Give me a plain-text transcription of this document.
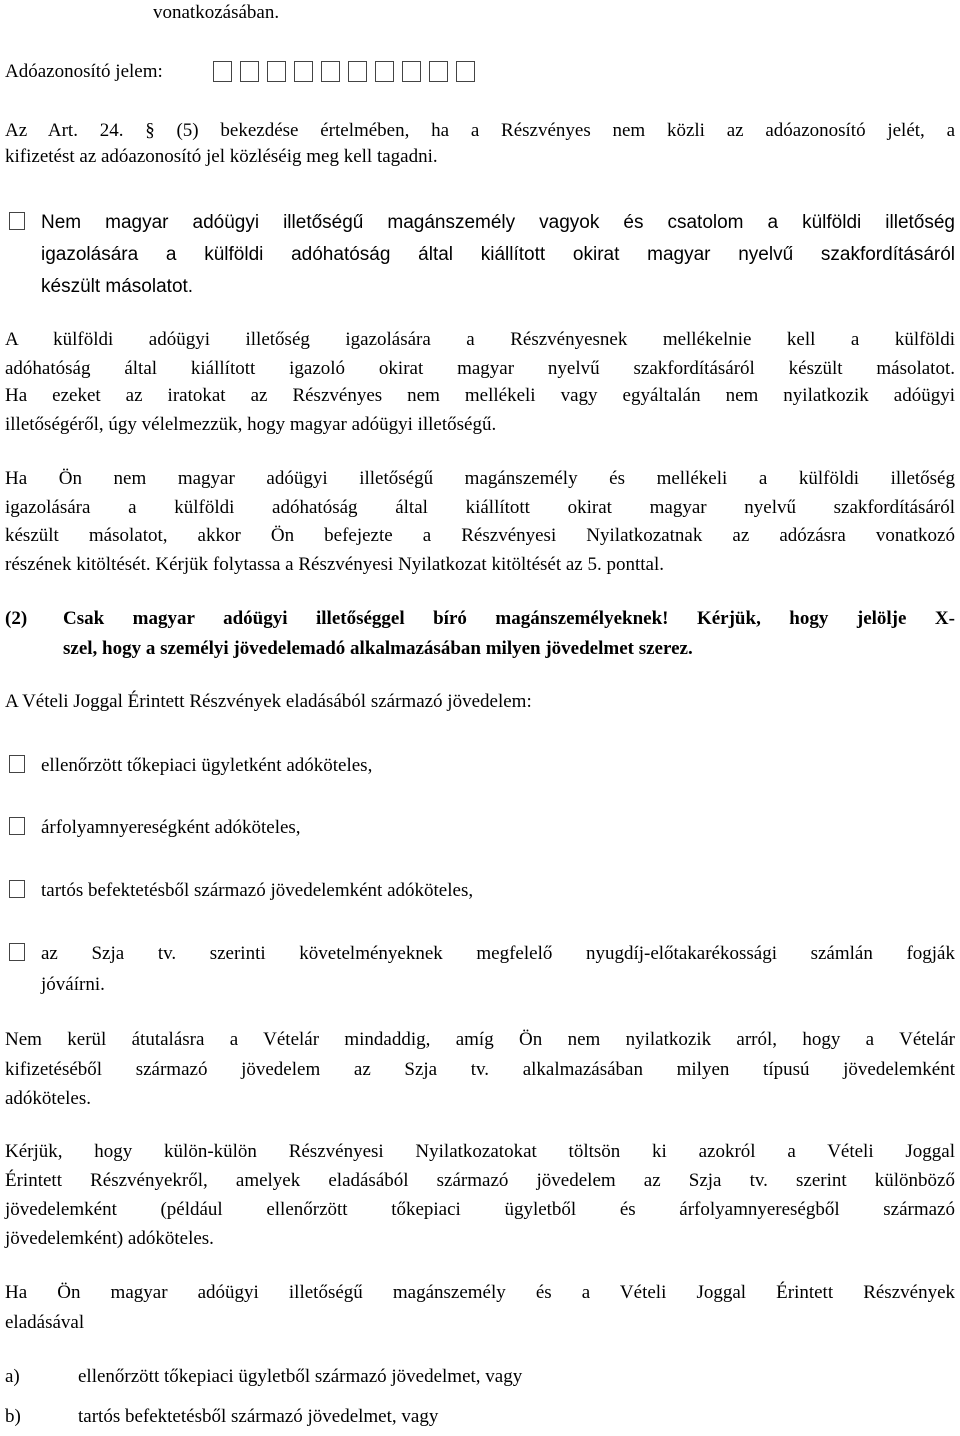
vonatkozásában.
Adóazonosító jelem:
Az Art. 24. § (5) bekezdése értelmében, ha a Részvényes nem közli az adóazonosító jelét, a
kifizetést az adóazonosító jel közléséig meg kell tagadni.
Nem magyar adóügyi illetőségű magánszemély vagyok és csatolom a külföldi illetőség
igazolására a külföldi adóhatóság által kiállított okirat magyar nyelvű szakfordításáról
készült másolatot.
A külföldi adóügyi illetőség igazolására a Részvényesnek mellékelnie kell a külföldi
adóhatóság által kiállított igazoló okirat magyar nyelvű szakfordításáról készült másolatot.
Ha ezeket az iratokat az Részvényes nem mellékeli vagy egyáltalán nem nyilatkozik adóügyi
illetőségéről, úgy vélelmezzük, hogy magyar adóügyi illetőségű.
Ha Ön nem magyar adóügyi illetőségű magánszemély és mellékeli a külföldi illetőség
igazolására a külföldi adóhatóság által kiállított okirat magyar nyelvű szakfordításáról
készült másolatot, akkor Ön befejezte a Részvényesi Nyilatkozatnak az adózásra vonatkozó
részének kitöltését. Kérjük folytassa a Részvényesi Nyilatkozat kitöltését az 5. ponttal.
(2) Csak magyar adóügyi illetőséggel bíró magánszemélyeknek! Kérjük, hogy jelölje X-
szel, hogy a személyi jövedelemadó alkalmazásában milyen jövedelmet szerez.
A Vételi Joggal Érintett Részvények eladásából származó jövedelem:
ellenőrzött tőkepiaci ügyletként adóköteles,
árfolyamnyereségként adóköteles,
tartós befektetésből származó jövedelemként adóköteles,
az Szja tv. szerinti követelményeknek megfelelő nyugdíj-előtakarékossági számlán fogják
jóváírni.
Nem kerül átutalásra a Vételár mindaddig, amíg Ön nem nyilatkozik arról, hogy a Vételár
kifizetéséből származó jövedelem az Szja tv. alkalmazásában milyen típusú jövedelemként
adóköteles.
Kérjük, hogy külön-külön Részvényesi Nyilatkozatokat töltsön ki azokról a Vételi Joggal
Érintett Részvényekről, amelyek eladásából származó jövedelem az Szja tv. szerint különböző
jövedelemként (például ellenőrzött tőkepiaci ügyletből és árfolyamnyereségből származó
jövedelemként) adóköteles.
Ha Ön magyar adóügyi illetőségű magánszemély és a Vételi Joggal Érintett Részvények
eladásával
a)	ellenőrzött tőkepiaci ügyletből származó jövedelmet, vagy
b)	tartós befektetésből származó jövedelmet, vagy
